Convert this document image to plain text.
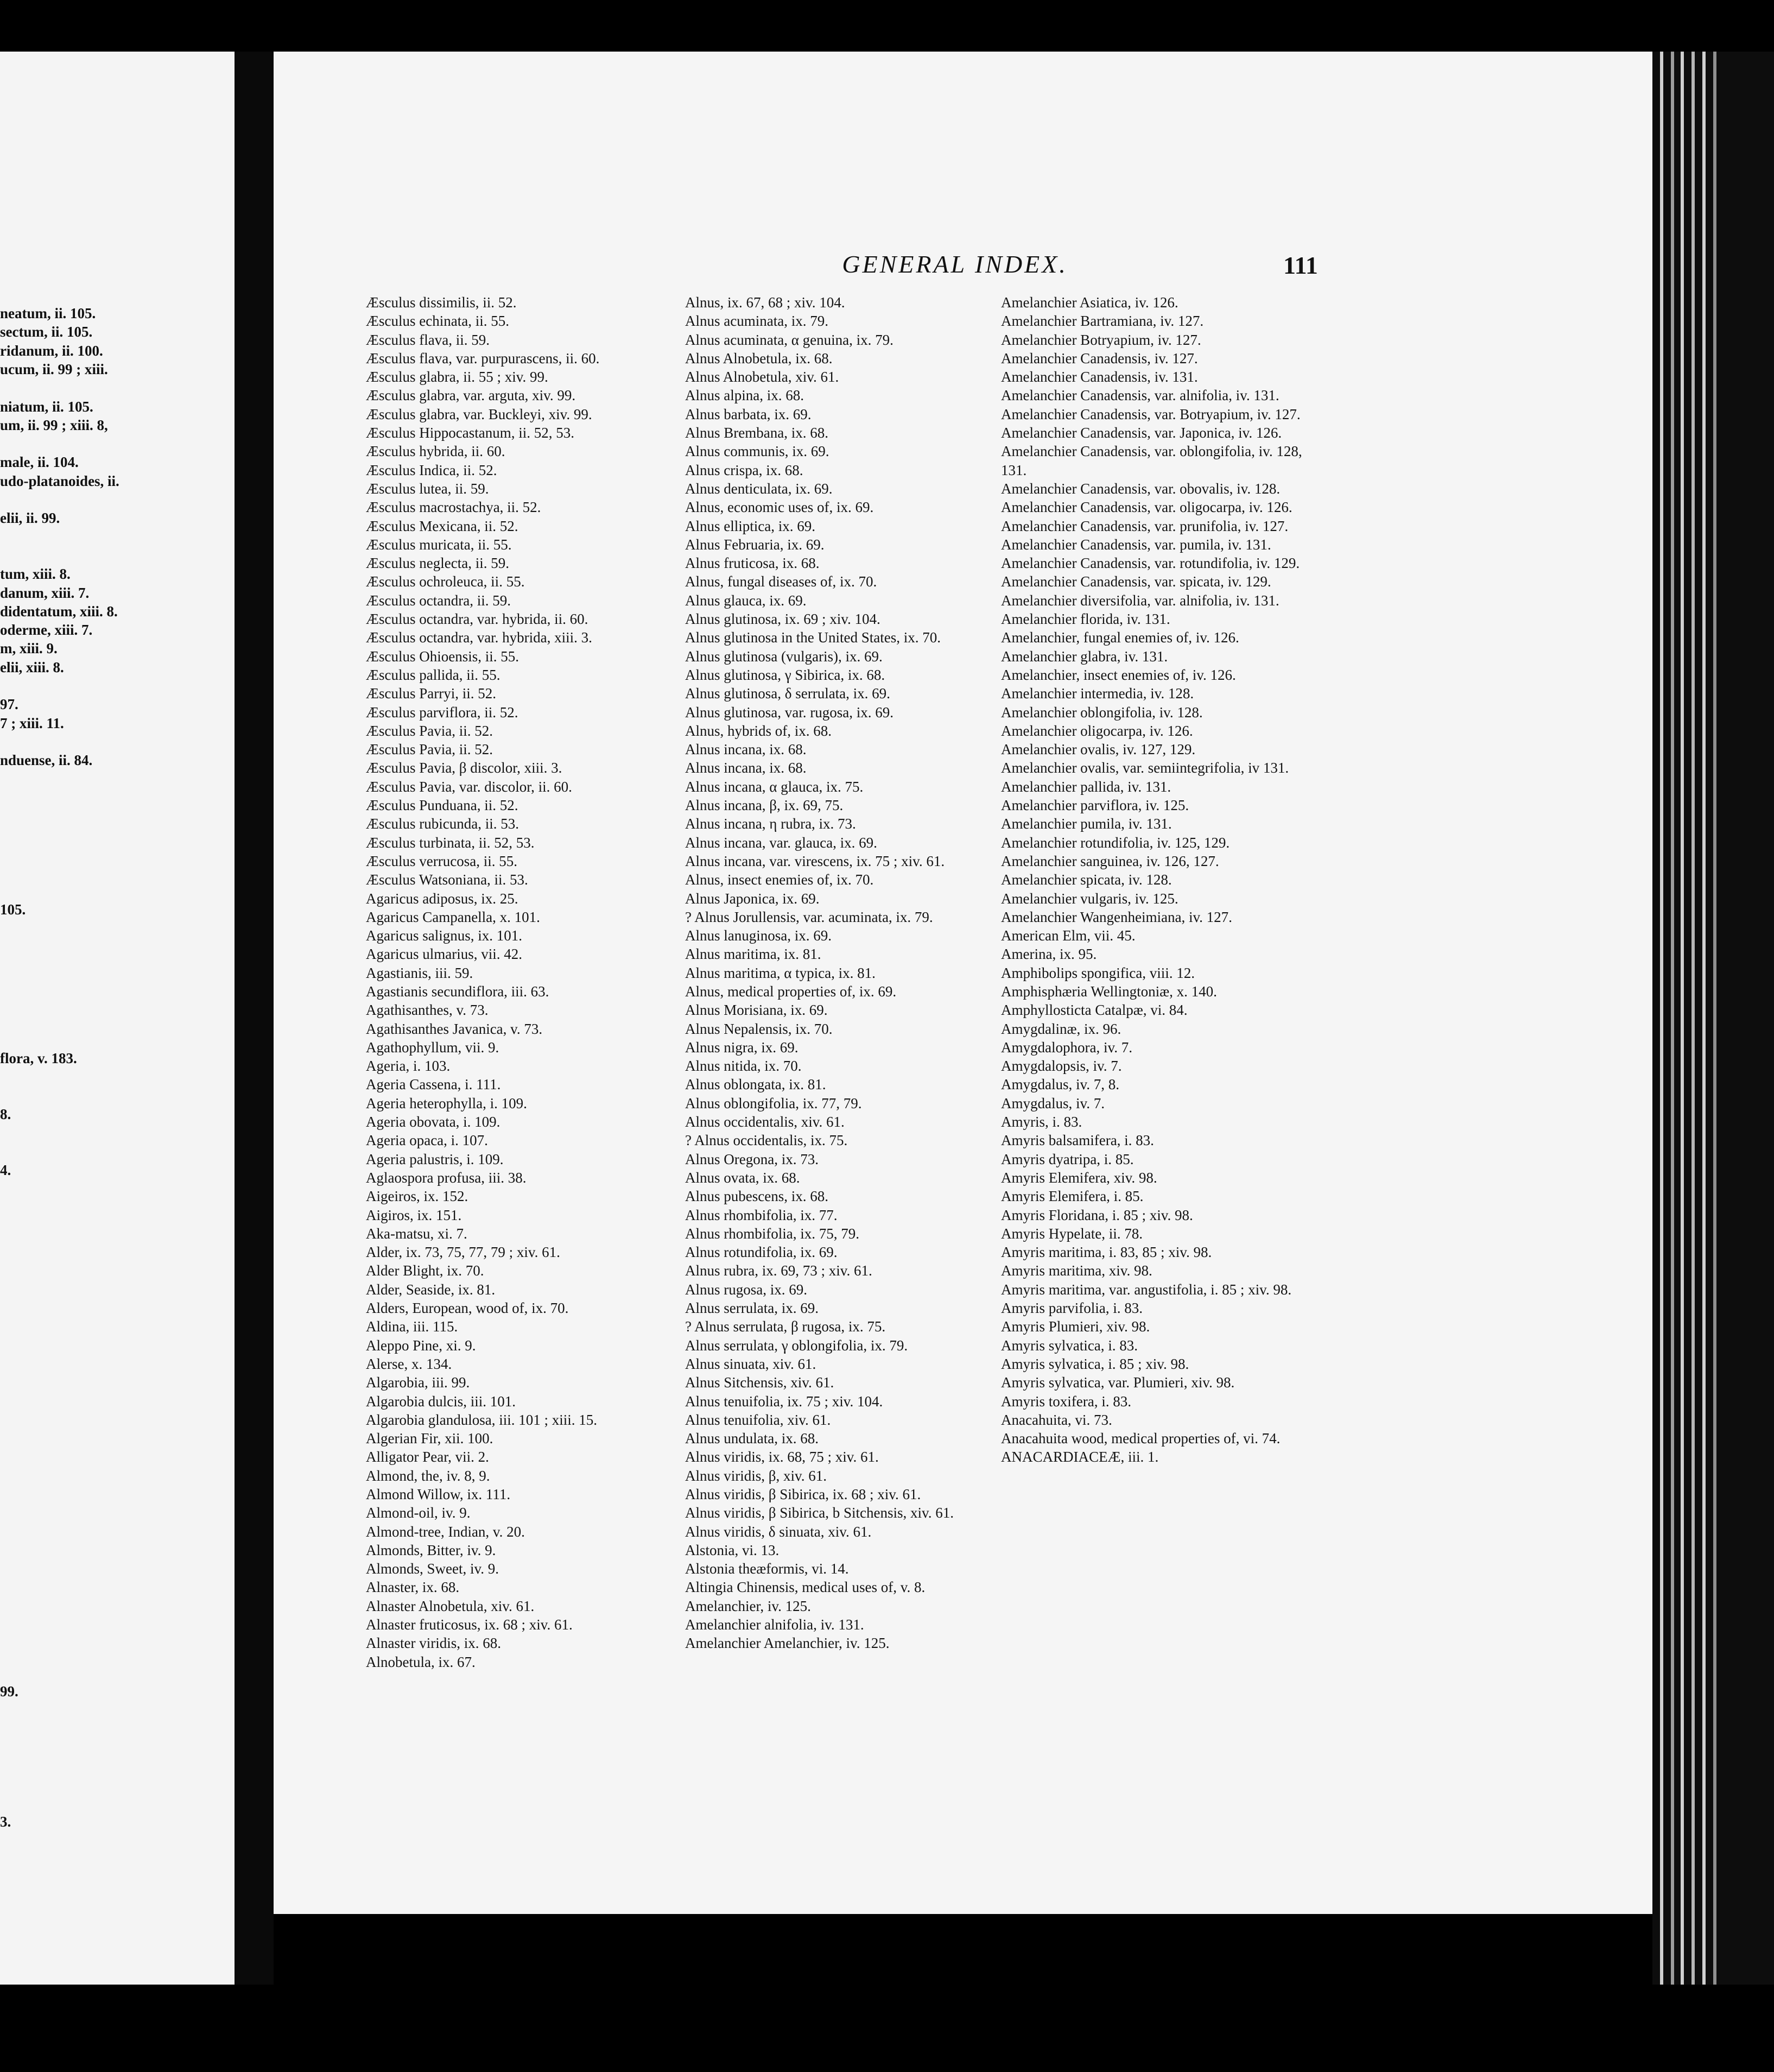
neatum, ii. 105.
sectum, ii. 105.
ridanum, ii. 100.
ucum, ii. 99 ; xiii.
niatum, ii. 105.
um, ii. 99 ; xiii. 8,
male, ii. 104.
udo-platanoides, ii.
elii, ii. 99.
tum, xiii. 8.
danum, xiii. 7.
didentatum, xiii. 8.
oderme, xiii. 7.
m, xiii. 9.
elii, xiii. 8.
97.
7 ; xiii. 11.
nduense, ii. 84.
105.
flora, v. 183.
8.
4.
99.
3.
GENERAL INDEX.	111
Æsculus dissimilis, ii. 52.
Æsculus echinata, ii. 55.
Æsculus flava, ii. 59.
Æsculus flava, var. purpurascens, ii. 60.
Æsculus glabra, ii. 55 ; xiv. 99.
Æsculus glabra, var. arguta, xiv. 99.
Æsculus glabra, var. Buckleyi, xiv. 99.
Æsculus Hippocastanum, ii. 52, 53.
Æsculus hybrida, ii. 60.
Æsculus Indica, ii. 52.
Æsculus lutea, ii. 59.
Æsculus macrostachya, ii. 52.
Æsculus Mexicana, ii. 52.
Æsculus muricata, ii. 55.
Æsculus neglecta, ii. 59.
Æsculus ochroleuca, ii. 55.
Æsculus octandra, ii. 59.
Æsculus octandra, var. hybrida, ii. 60.
Æsculus octandra, var. hybrida, xiii. 3.
Æsculus Ohioensis, ii. 55.
Æsculus pallida, ii. 55.
Æsculus Parryi, ii. 52.
Æsculus parviflora, ii. 52.
Æsculus Pavia, ii. 52.
Æsculus Pavia, ii. 52.
Æsculus Pavia, β discolor, xiii. 3.
Æsculus Pavia, var. discolor, ii. 60.
Æsculus Punduana, ii. 52.
Æsculus rubicunda, ii. 53.
Æsculus turbinata, ii. 52, 53.
Æsculus verrucosa, ii. 55.
Æsculus Watsoniana, ii. 53.
Agaricus adiposus, ix. 25.
Agaricus Campanella, x. 101.
Agaricus salignus, ix. 101.
Agaricus ulmarius, vii. 42.
Agastianis, iii. 59.
Agastianis secundiflora, iii. 63.
Agathisanthes, v. 73.
Agathisanthes Javanica, v. 73.
Agathophyllum, vii. 9.
Ageria, i. 103.
Ageria Cassena, i. 111.
Ageria heterophylla, i. 109.
Ageria obovata, i. 109.
Ageria opaca, i. 107.
Ageria palustris, i. 109.
Aglaospora profusa, iii. 38.
Aigeiros, ix. 152.
Aigiros, ix. 151.
Aka-matsu, xi. 7.
Alder, ix. 73, 75, 77, 79 ; xiv. 61.
Alder Blight, ix. 70.
Alder, Seaside, ix. 81.
Alders, European, wood of, ix. 70.
Aldina, iii. 115.
Aleppo Pine, xi. 9.
Alerse, x. 134.
Algarobia, iii. 99.
Algarobia dulcis, iii. 101.
Algarobia glandulosa, iii. 101 ; xiii. 15.
Algerian Fir, xii. 100.
Alligator Pear, vii. 2.
Almond, the, iv. 8, 9.
Almond Willow, ix. 111.
Almond-oil, iv. 9.
Almond-tree, Indian, v. 20.
Almonds, Bitter, iv. 9.
Almonds, Sweet, iv. 9.
Alnaster, ix. 68.
Alnaster Alnobetula, xiv. 61.
Alnaster fruticosus, ix. 68 ; xiv. 61.
Alnaster viridis, ix. 68.
Alnobetula, ix. 67.
Alnus, ix. 67, 68 ; xiv. 104.
Alnus acuminata, ix. 79.
Alnus acuminata, α genuina, ix. 79.
Alnus Alnobetula, ix. 68.
Alnus Alnobetula, xiv. 61.
Alnus alpina, ix. 68.
Alnus barbata, ix. 69.
Alnus Brembana, ix. 68.
Alnus communis, ix. 69.
Alnus crispa, ix. 68.
Alnus denticulata, ix. 69.
Alnus, economic uses of, ix. 69.
Alnus elliptica, ix. 69.
Alnus Februaria, ix. 69.
Alnus fruticosa, ix. 68.
Alnus, fungal diseases of, ix. 70.
Alnus glauca, ix. 69.
Alnus glutinosa, ix. 69 ; xiv. 104.
Alnus glutinosa in the United States, ix. 70.
Alnus glutinosa (vulgaris), ix. 69.
Alnus glutinosa, γ Sibirica, ix. 68.
Alnus glutinosa, δ serrulata, ix. 69.
Alnus glutinosa, var. rugosa, ix. 69.
Alnus, hybrids of, ix. 68.
Alnus incana, ix. 68.
Alnus incana, ix. 68.
Alnus incana, α glauca, ix. 75.
Alnus incana, β, ix. 69, 75.
Alnus incana, η rubra, ix. 73.
Alnus incana, var. glauca, ix. 69.
Alnus incana, var. virescens, ix. 75 ; xiv. 61.
Alnus, insect enemies of, ix. 70.
Alnus Japonica, ix. 69.
? Alnus Jorullensis, var. acuminata, ix. 79.
Alnus lanuginosa, ix. 69.
Alnus maritima, ix. 81.
Alnus maritima, α typica, ix. 81.
Alnus, medical properties of, ix. 69.
Alnus Morisiana, ix. 69.
Alnus Nepalensis, ix. 70.
Alnus nigra, ix. 69.
Alnus nitida, ix. 70.
Alnus oblongata, ix. 81.
Alnus oblongifolia, ix. 77, 79.
Alnus occidentalis, xiv. 61.
? Alnus occidentalis, ix. 75.
Alnus Oregona, ix. 73.
Alnus ovata, ix. 68.
Alnus pubescens, ix. 68.
Alnus rhombifolia, ix. 77.
Alnus rhombifolia, ix. 75, 79.
Alnus rotundifolia, ix. 69.
Alnus rubra, ix. 69, 73 ; xiv. 61.
Alnus rugosa, ix. 69.
Alnus serrulata, ix. 69.
? Alnus serrulata, β rugosa, ix. 75.
Alnus serrulata, γ oblongifolia, ix. 79.
Alnus sinuata, xiv. 61.
Alnus Sitchensis, xiv. 61.
Alnus tenuifolia, ix. 75 ; xiv. 104.
Alnus tenuifolia, xiv. 61.
Alnus undulata, ix. 68.
Alnus viridis, ix. 68, 75 ; xiv. 61.
Alnus viridis, β, xiv. 61.
Alnus viridis, β Sibirica, ix. 68 ; xiv. 61.
Alnus viridis, β Sibirica, b Sitchensis, xiv. 61.
Alnus viridis, δ sinuata, xiv. 61.
Alstonia, vi. 13.
Alstonia theæformis, vi. 14.
Altingia Chinensis, medical uses of, v. 8.
Amelanchier, iv. 125.
Amelanchier alnifolia, iv. 131.
Amelanchier Amelanchier, iv. 125.
Amelanchier Asiatica, iv. 126.
Amelanchier Bartramiana, iv. 127.
Amelanchier Botryapium, iv. 127.
Amelanchier Canadensis, iv. 127.
Amelanchier Canadensis, iv. 131.
Amelanchier Canadensis, var. alnifolia, iv. 131.
Amelanchier Canadensis, var. Botryapium, iv. 127.
Amelanchier Canadensis, var. Japonica, iv. 126.
Amelanchier Canadensis, var. oblongifolia, iv. 128, 131.
Amelanchier Canadensis, var. obovalis, iv. 128.
Amelanchier Canadensis, var. oligocarpa, iv. 126.
Amelanchier Canadensis, var. prunifolia, iv. 127.
Amelanchier Canadensis, var. pumila, iv. 131.
Amelanchier Canadensis, var. rotundifolia, iv. 129.
Amelanchier Canadensis, var. spicata, iv. 129.
Amelanchier diversifolia, var. alnifolia, iv. 131.
Amelanchier florida, iv. 131.
Amelanchier, fungal enemies of, iv. 126.
Amelanchier glabra, iv. 131.
Amelanchier, insect enemies of, iv. 126.
Amelanchier intermedia, iv. 128.
Amelanchier oblongifolia, iv. 128.
Amelanchier oligocarpa, iv. 126.
Amelanchier ovalis, iv. 127, 129.
Amelanchier ovalis, var. semiintegrifolia, iv 131.
Amelanchier pallida, iv. 131.
Amelanchier parviflora, iv. 125.
Amelanchier pumila, iv. 131.
Amelanchier rotundifolia, iv. 125, 129.
Amelanchier sanguinea, iv. 126, 127.
Amelanchier spicata, iv. 128.
Amelanchier vulgaris, iv. 125.
Amelanchier Wangenheimiana, iv. 127.
American Elm, vii. 45.
Amerina, ix. 95.
Amphibolips spongifica, viii. 12.
Amphisphæria Wellingtoniæ, x. 140.
Amphyllosticta Catalpæ, vi. 84.
Amygdalinæ, ix. 96.
Amygdalophora, iv. 7.
Amygdalopsis, iv. 7.
Amygdalus, iv. 7, 8.
Amygdalus, iv. 7.
Amyris, i. 83.
Amyris balsamifera, i. 83.
Amyris dyatripa, i. 85.
Amyris Elemifera, xiv. 98.
Amyris Elemifera, i. 85.
Amyris Floridana, i. 85 ; xiv. 98.
Amyris Hypelate, ii. 78.
Amyris maritima, i. 83, 85 ; xiv. 98.
Amyris maritima, xiv. 98.
Amyris maritima, var. angustifolia, i. 85 ; xiv. 98.
Amyris parvifolia, i. 83.
Amyris Plumieri, xiv. 98.
Amyris sylvatica, i. 83.
Amyris sylvatica, i. 85 ; xiv. 98.
Amyris sylvatica, var. Plumieri, xiv. 98.
Amyris toxifera, i. 83.
Anacahuita, vi. 73.
Anacahuita wood, medical properties of, vi. 74.
ANACARDIACEÆ, iii. 1.
